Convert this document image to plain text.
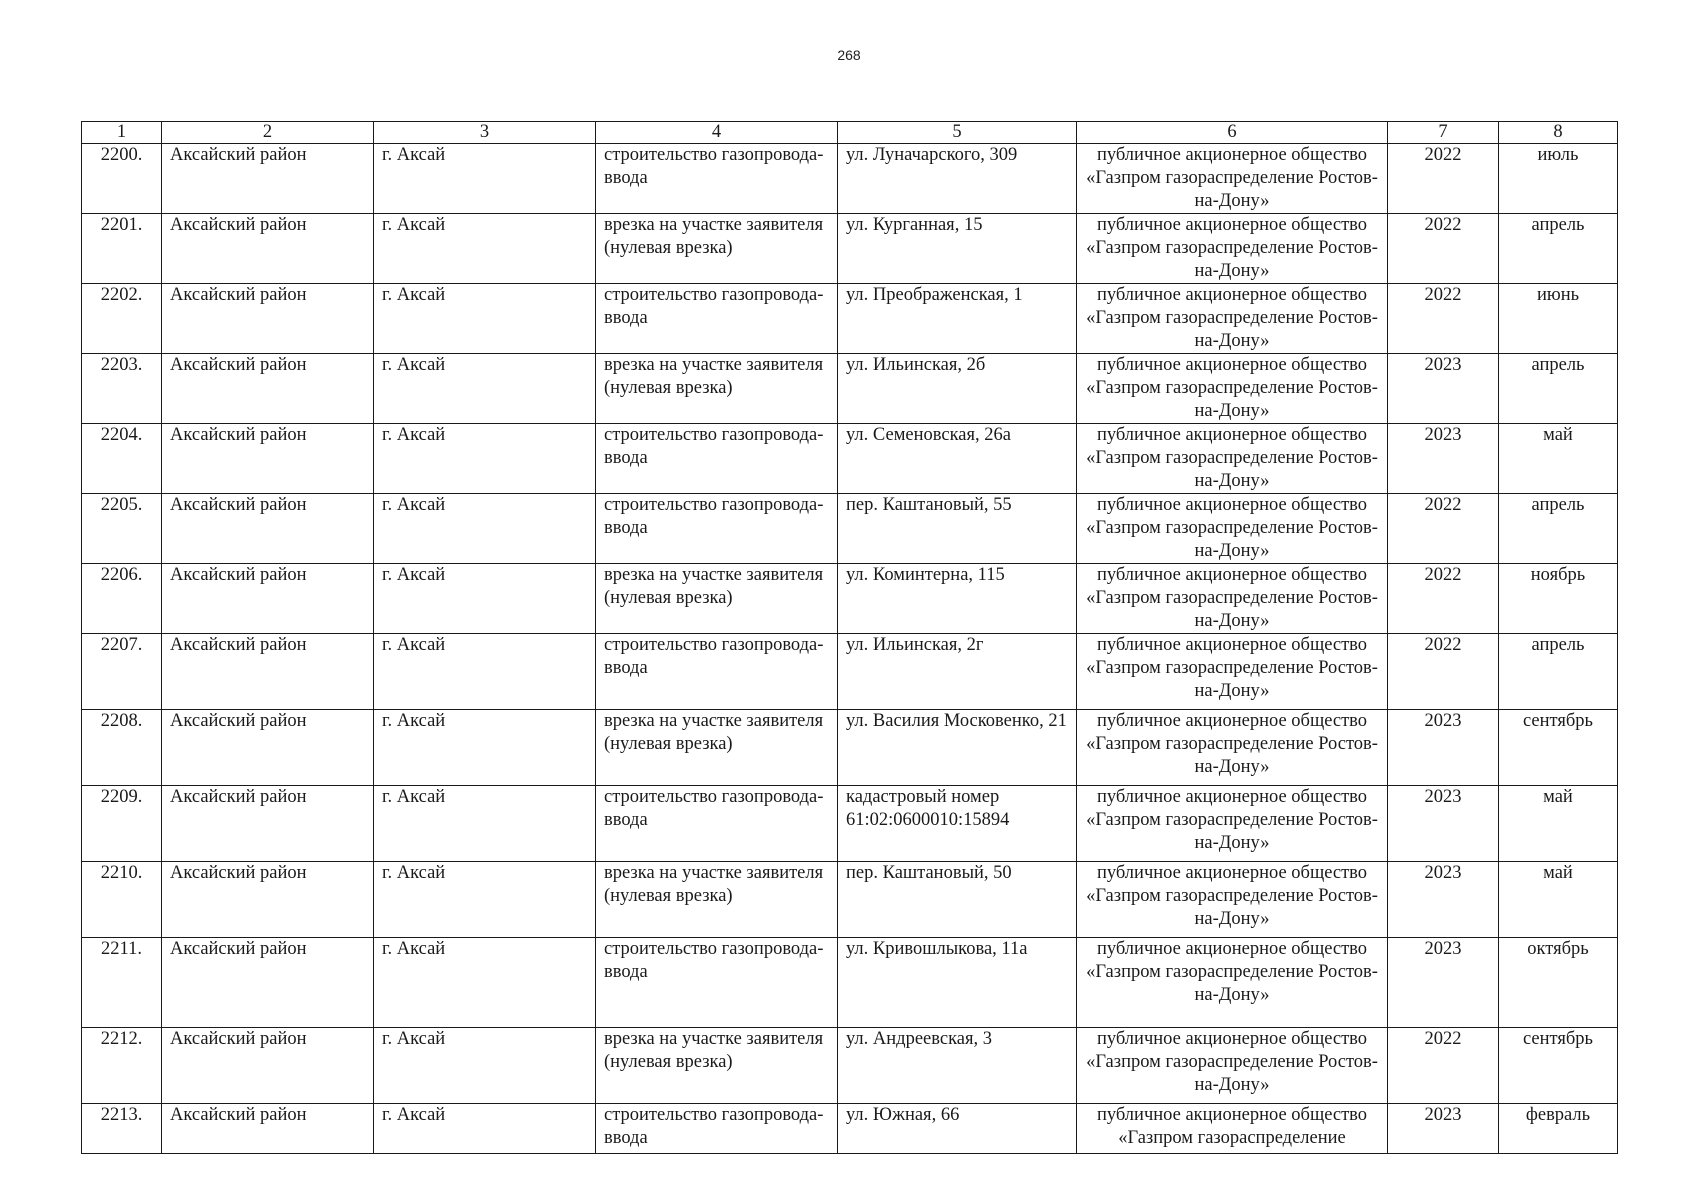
268
1	2	3	4	5	6	7	8
2200.	Аксайский район	г. Аксай	строительство газопровода-ввода	ул. Луначарского, 309	публичное акционерное общество «Газпром газораспределение Ростов-на-Дону»	2022	июль
2201.	Аксайский район	г. Аксай	врезка на участке заявителя (нулевая врезка)	ул. Курганная, 15	публичное акционерное общество «Газпром газораспределение Ростов-на-Дону»	2022	апрель
2202.	Аксайский район	г. Аксай	строительство газопровода-ввода	ул. Преображенская, 1	публичное акционерное общество «Газпром газораспределение Ростов-на-Дону»	2022	июнь
2203.	Аксайский район	г. Аксай	врезка на участке заявителя (нулевая врезка)	ул. Ильинская, 2б	публичное акционерное общество «Газпром газораспределение Ростов-на-Дону»	2023	апрель
2204.	Аксайский район	г. Аксай	строительство газопровода-ввода	ул. Семеновская, 26а	публичное акционерное общество «Газпром газораспределение Ростов-на-Дону»	2023	май
2205.	Аксайский район	г. Аксай	строительство газопровода-ввода	пер. Каштановый, 55	публичное акционерное общество «Газпром газораспределение Ростов-на-Дону»	2022	апрель
2206.	Аксайский район	г. Аксай	врезка на участке заявителя (нулевая врезка)	ул. Коминтерна, 115	публичное акционерное общество «Газпром газораспределение Ростов-на-Дону»	2022	ноябрь
2207.	Аксайский район	г. Аксай	строительство газопровода-ввода	ул. Ильинская, 2г	публичное акционерное общество «Газпром газораспределение Ростов-на-Дону»	2022	апрель
2208.	Аксайский район	г. Аксай	врезка на участке заявителя (нулевая врезка)	ул. Василия Московенко, 21	публичное акционерное общество «Газпром газораспределение Ростов-на-Дону»	2023	сентябрь
2209.	Аксайский район	г. Аксай	строительство газопровода-ввода	кадастровый номер 61:02:0600010:15894	публичное акционерное общество «Газпром газораспределение Ростов-на-Дону»	2023	май
2210.	Аксайский район	г. Аксай	врезка на участке заявителя (нулевая врезка)	пер. Каштановый, 50	публичное акционерное общество «Газпром газораспределение Ростов-на-Дону»	2023	май
2211.	Аксайский район	г. Аксай	строительство газопровода-ввода	ул. Кривошлыкова, 11а	публичное акционерное общество «Газпром газораспределение Ростов-на-Дону»	2023	октябрь
2212.	Аксайский район	г. Аксай	врезка на участке заявителя (нулевая врезка)	ул. Андреевская, 3	публичное акционерное общество «Газпром газораспределение Ростов-на-Дону»	2022	сентябрь
2213.	Аксайский район	г. Аксай	строительство газопровода-ввода	ул. Южная, 66	публичное акционерное общество «Газпром газораспределение	2023	февраль
